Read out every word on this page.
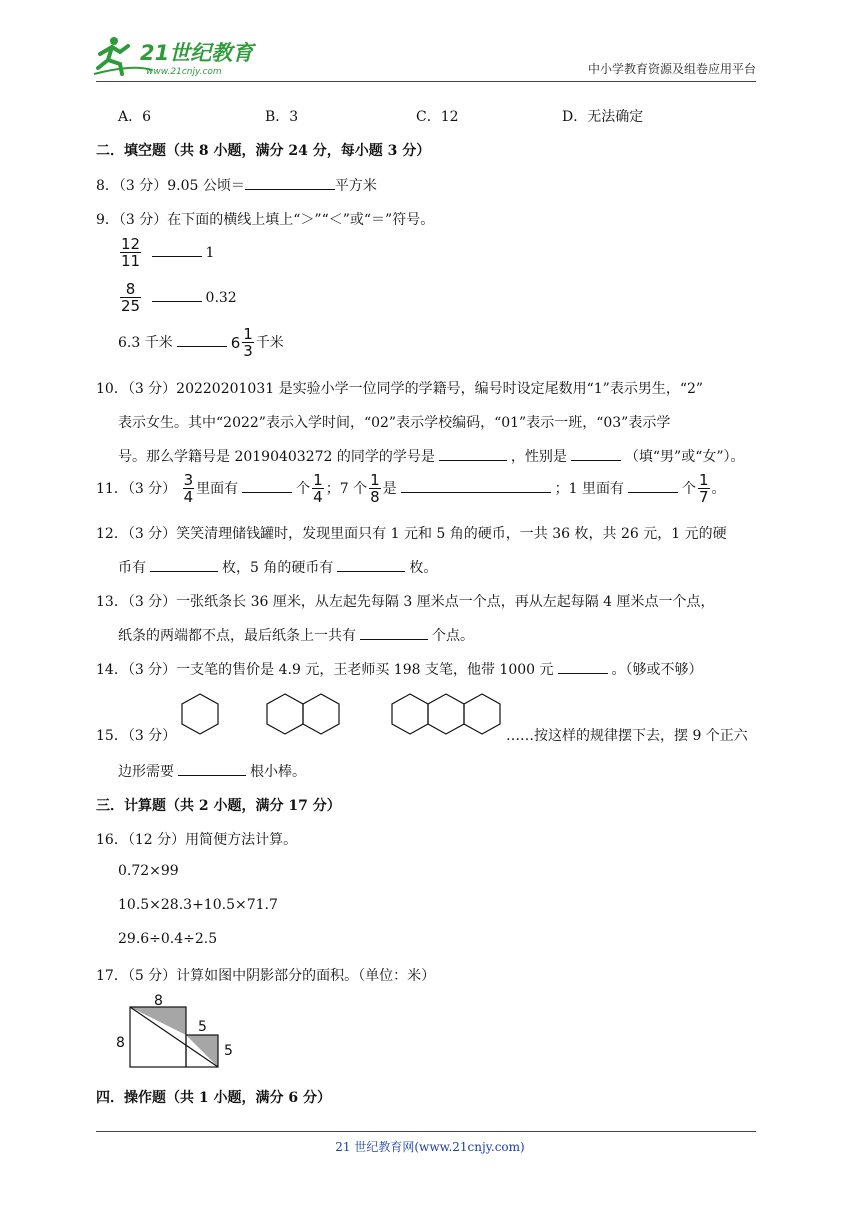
21世纪教育
www.21cnjy.com	中小学教育资源及组卷应用平台
A．6	B．3	C．12	D．无法确定
二．填空题（共 8 小题，满分 24 分，每小题 3 分）
8．（3 分）9.05 公顷＝	平方米
9．（3 分）在下面的横线上填上“＞”“＜”或“＝”符号。
$\frac{12}{11}$	1
$\frac{8}{25}$	0.32
6.3 千米	$6 \frac{1}{3}$ 千米
10．（3 分）20220201031 是实验小学一位同学的学籍号，编号时设定尾数用“1”表示男生，“2”
表示女生。其中“2022”表示入学时间，“02”表示学校编码，“01”表示一班，“03”表示学
号。那么学籍号是 20190403272 的同学的学号是	，性别是	（填“男”或“女”）。
11．（3 分） $\frac{3}{4}$ 里面有	个 $\frac{1}{4}$ ；7 个 $\frac{1}{8}$ 是	；1 里面有	个 $\frac{1}{7}$ 。
12．（3 分）笑笑清理储钱罐时，发现里面只有 1 元和 5 角的硬币，一共 36 枚，共 26 元，1 元的硬
币有	枚，5 角的硬币有	枚。
13．（3 分）一张纸条长 36 厘米，从左起先每隔 3 厘米点一个点，再从左起每隔 4 厘米点一个点，
纸条的两端都不点，最后纸条上一共有	个点。
14．（3 分）一支笔的售价是 4.9 元，王老师买 198 支笔，他带 1000 元	。（够或不够）
15．（3 分）	……按这样的规律摆下去，摆 9 个正六
边形需要	根小棒。
三．计算题（共 2 小题，满分 17 分）
16．（12 分）用简便方法计算。
0.72×99
10.5×28.3+10.5×71.7
29.6÷0.4÷2.5
17．（5 分）计算如图中阴影部分的面积。（单位：米）
8
8
5
5
四．操作题（共 1 小题，满分 6 分）
21 世纪教育网(www.21cnjy.com)
